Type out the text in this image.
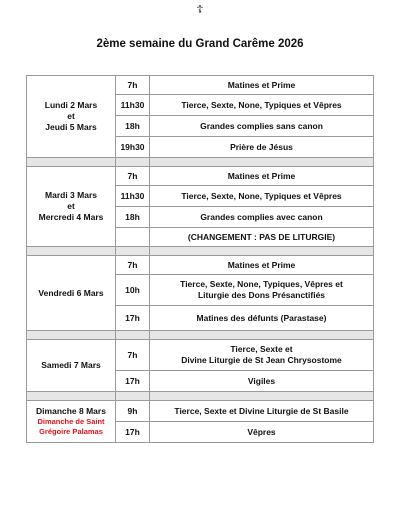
☦
2ème semaine du Grand Carême 2026
Lundi 2 Mars
et
Jeudi 5 Mars	7h	Matines et Prime
	11h30	Tierce, Sexte, None, Typiques et Vêpres
	18h	Grandes complies sans canon
	19h30	Prière de Jésus

Mardi 3 Mars
et
Mercredi 4 Mars	7h	Matines et Prime
	11h30	Tierce, Sexte, None, Typiques et Vêpres
	18h	Grandes complies avec canon
		(CHANGEMENT : PAS DE LITURGIE)

Vendredi 6 Mars	7h	Matines et Prime
	10h	Tierce, Sexte, None, Typiques, Vêpres et
Liturgie des Dons Présanctifiés
	17h	Matines des défunts (Parastase)

Samedi 7 Mars	7h	Tierce, Sexte et
Divine Liturgie de St Jean Chrysostome
	17h	Vigiles

Dimanche 8 Mars
Dimanche de Saint
Grégoire Palamas	9h	Tierce, Sexte et Divine Liturgie de St Basile
	17h	Vêpres
